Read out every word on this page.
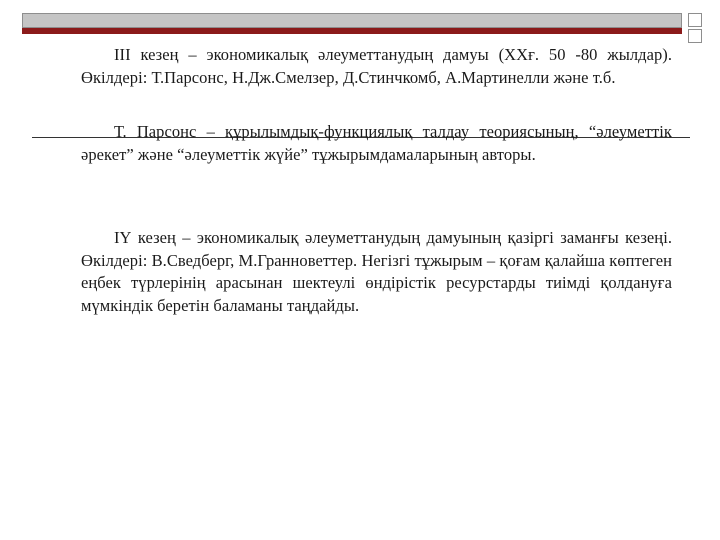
ІІІ кезең – экономикалық әлеуметтанудың дамуы (ХХғ. 50 -80 жылдар). Өкілдері: Т.Парсонс, Н.Дж.Смелзер, Д.Стинчкомб, А.Мартинелли және т.б.

Т. Парсонс – құрылымдық-функциялық талдау теориясының, “әлеуметтік әрекет” және “әлеуметтік жүйе” тұжырымдамаларының авторы.

ІҮ кезең – экономикалық әлеуметтанудың дамуының қазіргі заманғы кезеңі. Өкілдері: В.Сведберг, М.Гранноветтер. Негізгі тұжырым – қоғам қалайша көптеген еңбек түрлерінің арасынан шектеулі өндірістік ресурстарды тиімді қолдануға мүмкіндік беретін баламаны таңдайды.
